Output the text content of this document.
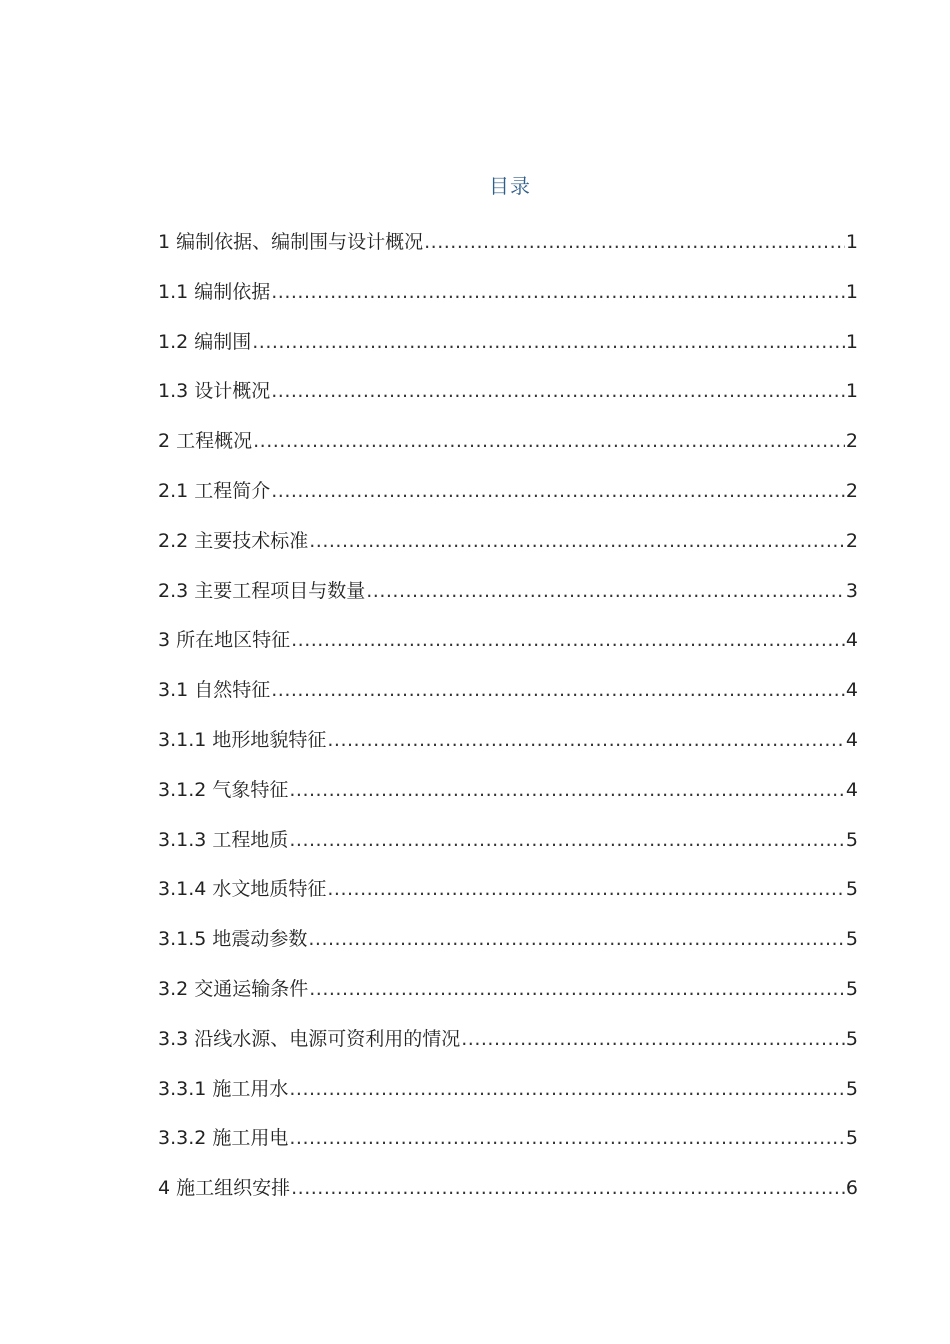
目录
1 编制依据、编制围与设计概况 .....	1
1.1 编制依据 .....	1
1.2 编制围 .....	1
1.3 设计概况 .....	1
2 工程概况 .....	2
2.1 工程简介 .....	2
2.2 主要技术标准 .....	2
2.3 主要工程项目与数量 .....	3
3 所在地区特征 .....	4
3.1 自然特征 .....	4
3.1.1 地形地貌特征 .....	4
3.1.2 气象特征 .....	4
3.1.3 工程地质 .....	5
3.1.4 水文地质特征 .....	5
3.1.5 地震动参数 .....	5
3.2 交通运输条件 .....	5
3.3 沿线水源、电源可资利用的情况 .....	5
3.3.1 施工用水 .....	5
3.3.2 施工用电 .....	5
4 施工组织安排 .....	6
